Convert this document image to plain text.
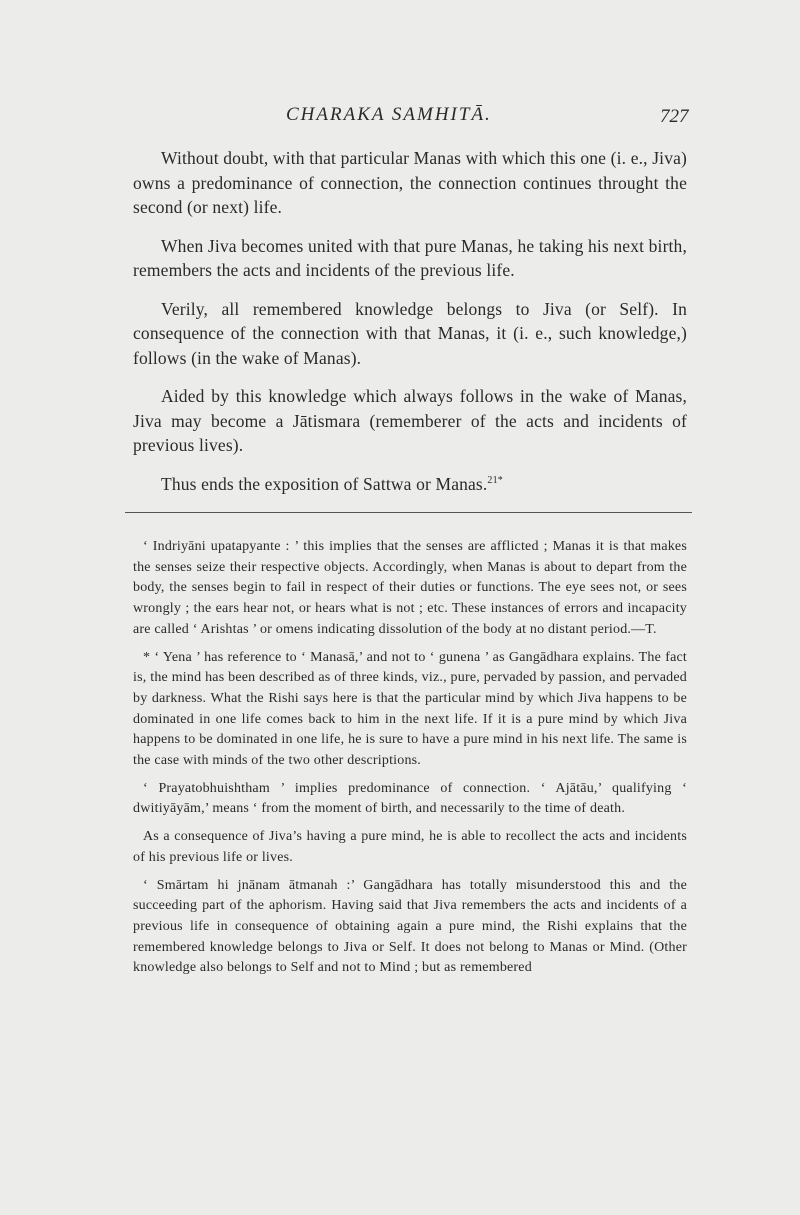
CHARAKA SAMHITĀ.	727

Without doubt, with that particular Manas with which this one (i. e., Jiva) owns a predominance of connection, the connection continues throught the second (or next) life.

When Jiva becomes united with that pure Manas, he taking his next birth, remembers the acts and incidents of the previous life.

Verily, all remembered knowledge belongs to Jiva (or Self). In consequence of the connection with that Manas, it (i. e., such knowledge,) follows (in the wake of Manas).

Aided by this knowledge which always follows in the wake of Manas, Jiva may become a Jātismara (rememberer of the acts and incidents of previous lives).

Thus ends the exposition of Sattwa or Manas.$^{21*}$

‘ Indriyāni upatapyante : ’ this implies that the senses are afflicted ; Manas it is that makes the senses seize their respective objects. Accordingly, when Manas is about to depart from the body, the senses begin to fail in respect of their duties or functions. The eye sees not, or sees wrongly ; the ears hear not, or hears what is not ; etc. These instances of errors and incapacity are called ‘ Arishtas ’ or omens indicating dissolution of the body at no distant period.—T.

* ‘ Yena ’ has reference to ‘ Manasā,’ and not to ‘ gunena ’ as Gangādhara explains. The fact is, the mind has been described as of three kinds, viz., pure, pervaded by passion, and pervaded by darkness. What the Rishi says here is that the particular mind by which Jiva happens to be dominated in one life comes back to him in the next life. If it is a pure mind by which Jiva happens to be dominated in one life, he is sure to have a pure mind in his next life. The same is the case with minds of the two other descriptions.

‘ Prayatobhuishtham ’ implies predominance of connection. ‘ Ajātāu,’ qualifying ‘ dwitiyāyām,’ means ‘ from the moment of birth, and necessarily to the time of death.

As a consequence of Jiva’s having a pure mind, he is able to recollect the acts and incidents of his previous life or lives.

‘ Smārtam hi jnānam ātmanah :’ Gangādhara has totally misunderstood this and the succeeding part of the aphorism. Having said that Jiva remembers the acts and incidents of a previous life in consequence of obtaining again a pure mind, the Rishi explains that the remembered knowledge belongs to Jiva or Self. It does not belong to Manas or Mind. (Other knowledge also belongs to Self and not to Mind ; but as remembered
